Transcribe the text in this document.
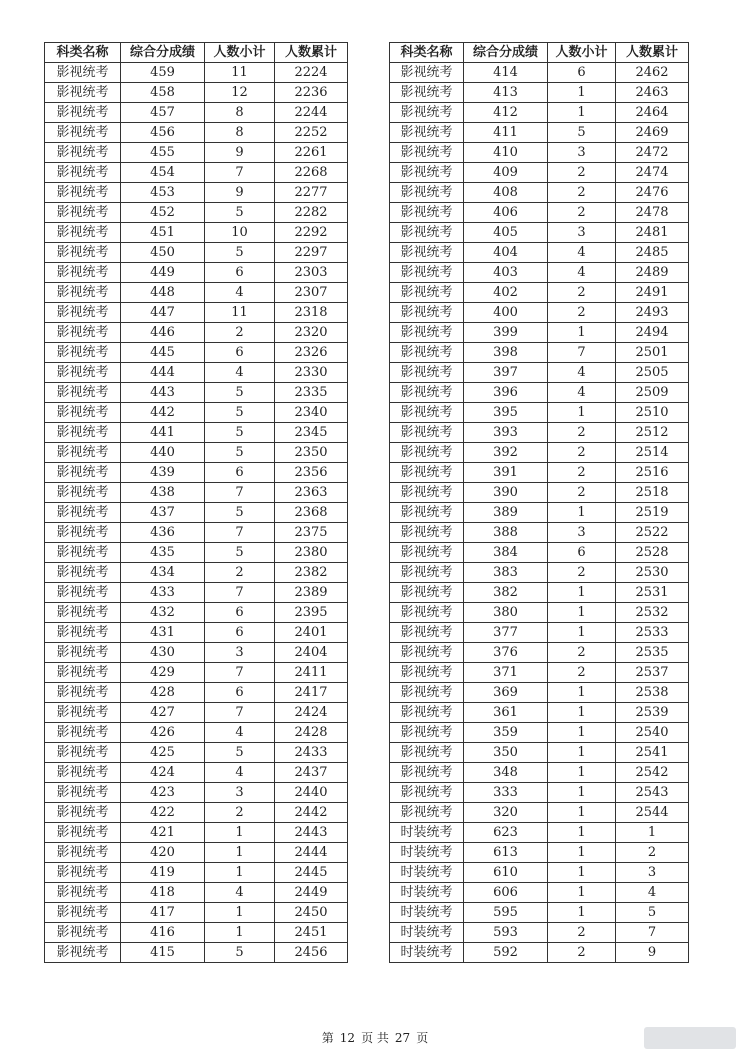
科类名称	综合分成绩	人数小计	人数累计
影视统考	459	11	2224
影视统考	458	12	2236
影视统考	457	8	2244
影视统考	456	8	2252
影视统考	455	9	2261
影视统考	454	7	2268
影视统考	453	9	2277
影视统考	452	5	2282
影视统考	451	10	2292
影视统考	450	5	2297
影视统考	449	6	2303
影视统考	448	4	2307
影视统考	447	11	2318
影视统考	446	2	2320
影视统考	445	6	2326
影视统考	444	4	2330
影视统考	443	5	2335
影视统考	442	5	2340
影视统考	441	5	2345
影视统考	440	5	2350
影视统考	439	6	2356
影视统考	438	7	2363
影视统考	437	5	2368
影视统考	436	7	2375
影视统考	435	5	2380
影视统考	434	2	2382
影视统考	433	7	2389
影视统考	432	6	2395
影视统考	431	6	2401
影视统考	430	3	2404
影视统考	429	7	2411
影视统考	428	6	2417
影视统考	427	7	2424
影视统考	426	4	2428
影视统考	425	5	2433
影视统考	424	4	2437
影视统考	423	3	2440
影视统考	422	2	2442
影视统考	421	1	2443
影视统考	420	1	2444
影视统考	419	1	2445
影视统考	418	4	2449
影视统考	417	1	2450
影视统考	416	1	2451
影视统考	415	5	2456
科类名称	综合分成绩	人数小计	人数累计
影视统考	414	6	2462
影视统考	413	1	2463
影视统考	412	1	2464
影视统考	411	5	2469
影视统考	410	3	2472
影视统考	409	2	2474
影视统考	408	2	2476
影视统考	406	2	2478
影视统考	405	3	2481
影视统考	404	4	2485
影视统考	403	4	2489
影视统考	402	2	2491
影视统考	400	2	2493
影视统考	399	1	2494
影视统考	398	7	2501
影视统考	397	4	2505
影视统考	396	4	2509
影视统考	395	1	2510
影视统考	393	2	2512
影视统考	392	2	2514
影视统考	391	2	2516
影视统考	390	2	2518
影视统考	389	1	2519
影视统考	388	3	2522
影视统考	384	6	2528
影视统考	383	2	2530
影视统考	382	1	2531
影视统考	380	1	2532
影视统考	377	1	2533
影视统考	376	2	2535
影视统考	371	2	2537
影视统考	369	1	2538
影视统考	361	1	2539
影视统考	359	1	2540
影视统考	350	1	2541
影视统考	348	1	2542
影视统考	333	1	2543
影视统考	320	1	2544
时装统考	623	1	1
时装统考	613	1	2
时装统考	610	1	3
时装统考	606	1	4
时装统考	595	1	5
时装统考	593	2	7
时装统考	592	2	9
第 12 页 共 27 页
